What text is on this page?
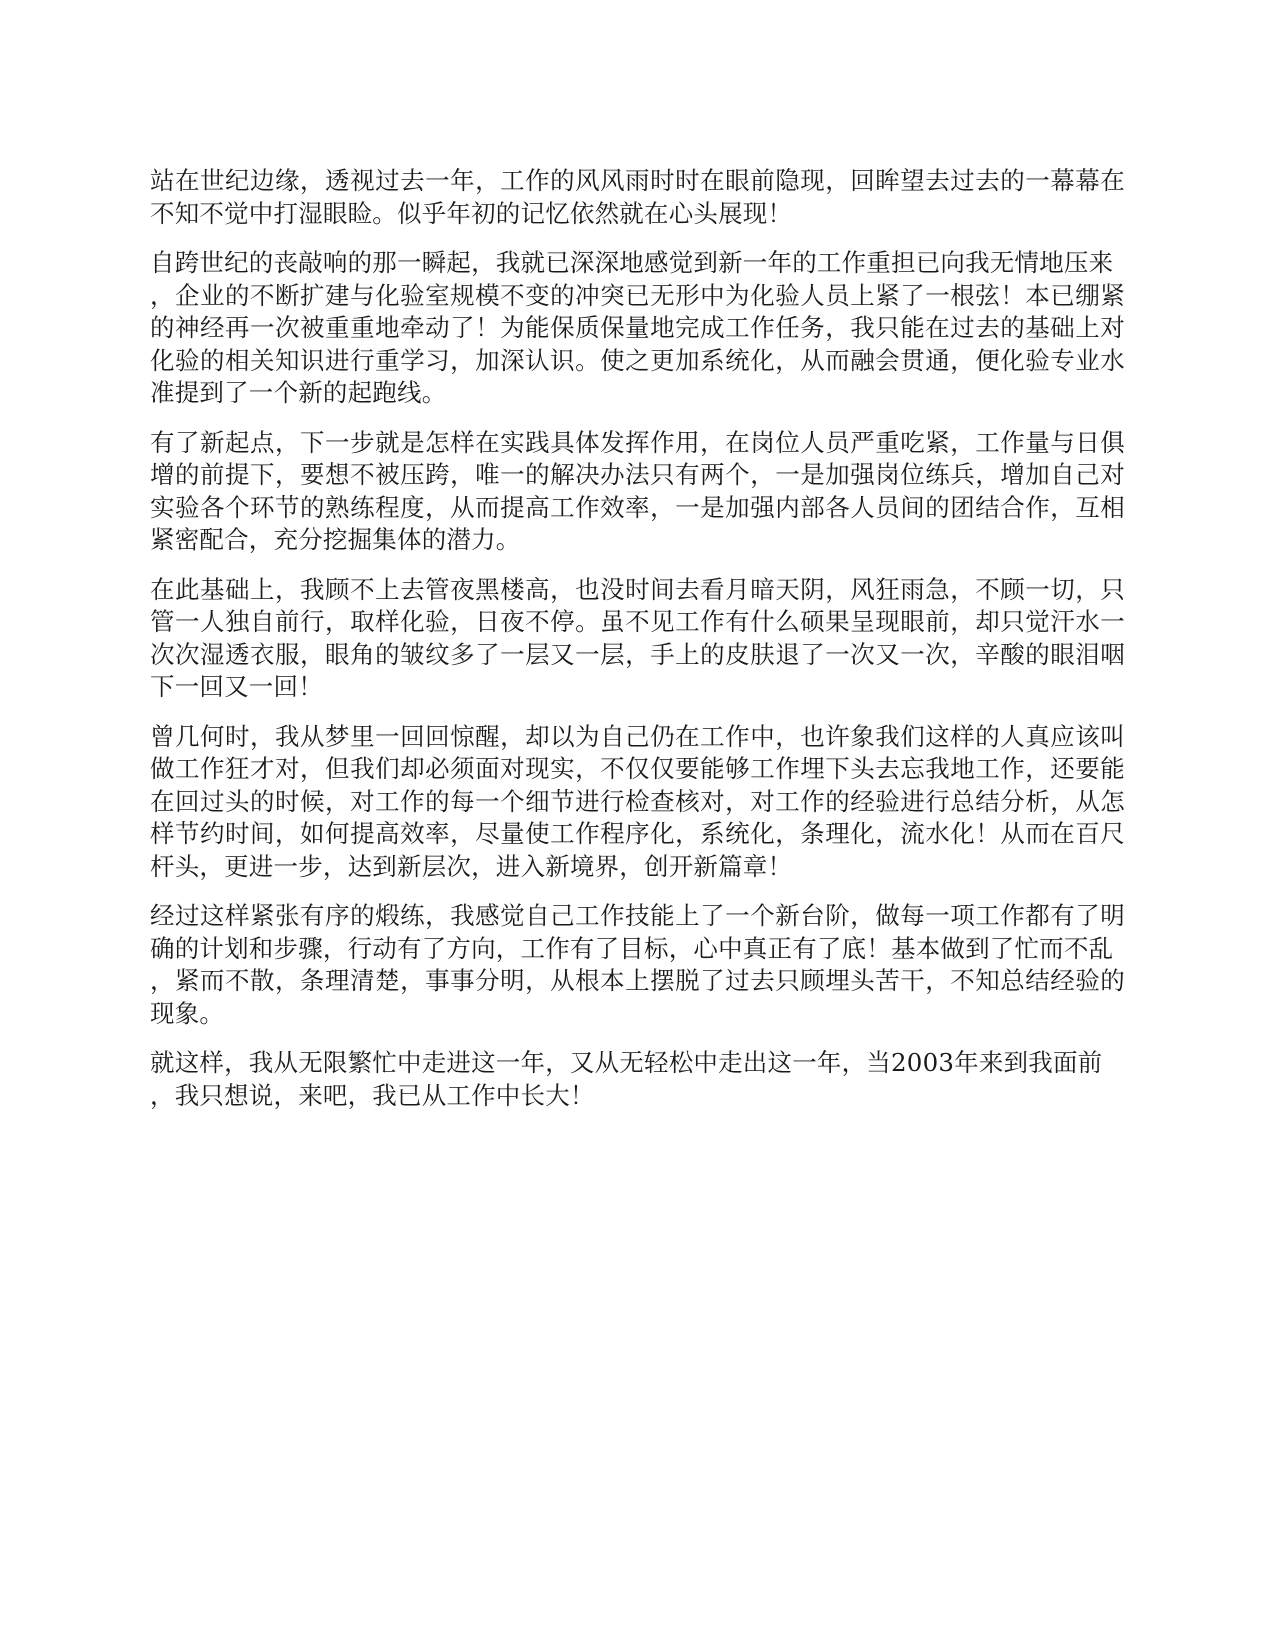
站在世纪边缘，透视过去一年，工作的风风雨时时在眼前隐现，回眸望去过去的一幕幕在不知不觉中打湿眼睑。似乎年初的记忆依然就在心头展现！

自跨世纪的丧敲响的那一瞬起，我就已深深地感觉到新一年的工作重担已向我无情地压来
，企业的不断扩建与化验室规模不变的冲突已无形中为化验人员上紧了一根弦！本已绷紧的神经再一次被重重地牵动了！为能保质保量地完成工作任务，我只能在过去的基础上对化验的相关知识进行重学习，加深认识。使之更加系统化，从而融会贯通，便化验专业水准提到了一个新的起跑线。

有了新起点，下一步就是怎样在实践具体发挥作用，在岗位人员严重吃紧，工作量与日俱增的前提下，要想不被压跨，唯一的解决办法只有两个，一是加强岗位练兵，增加自己对实验各个环节的熟练程度，从而提高工作效率，一是加强内部各人员间的团结合作，互相紧密配合，充分挖掘集体的潜力。

在此基础上，我顾不上去管夜黑楼高，也没时间去看月暗天阴，风狂雨急，不顾一切，只管一人独自前行，取样化验，日夜不停。虽不见工作有什么硕果呈现眼前，却只觉汗水一次次湿透衣服，眼角的皱纹多了一层又一层，手上的皮肤退了一次又一次，辛酸的眼泪咽下一回又一回！

曾几何时，我从梦里一回回惊醒，却以为自己仍在工作中，也许象我们这样的人真应该叫做工作狂才对，但我们却必须面对现实，不仅仅要能够工作埋下头去忘我地工作，还要能在回过头的时候，对工作的每一个细节进行检查核对，对工作的经验进行总结分析，从怎样节约时间，如何提高效率，尽量使工作程序化，系统化，条理化，流水化！从而在百尺杆头，更进一步，达到新层次，进入新境界，创开新篇章！

经过这样紧张有序的煅练，我感觉自己工作技能上了一个新台阶，做每一项工作都有了明确的计划和步骤，行动有了方向，工作有了目标，心中真正有了底！基本做到了忙而不乱
，紧而不散，条理清楚，事事分明，从根本上摆脱了过去只顾埋头苦干，不知总结经验的现象。

就这样，我从无限繁忙中走进这一年，又从无轻松中走出这一年，当2003年来到我面前
，我只想说，来吧，我已从工作中长大！
